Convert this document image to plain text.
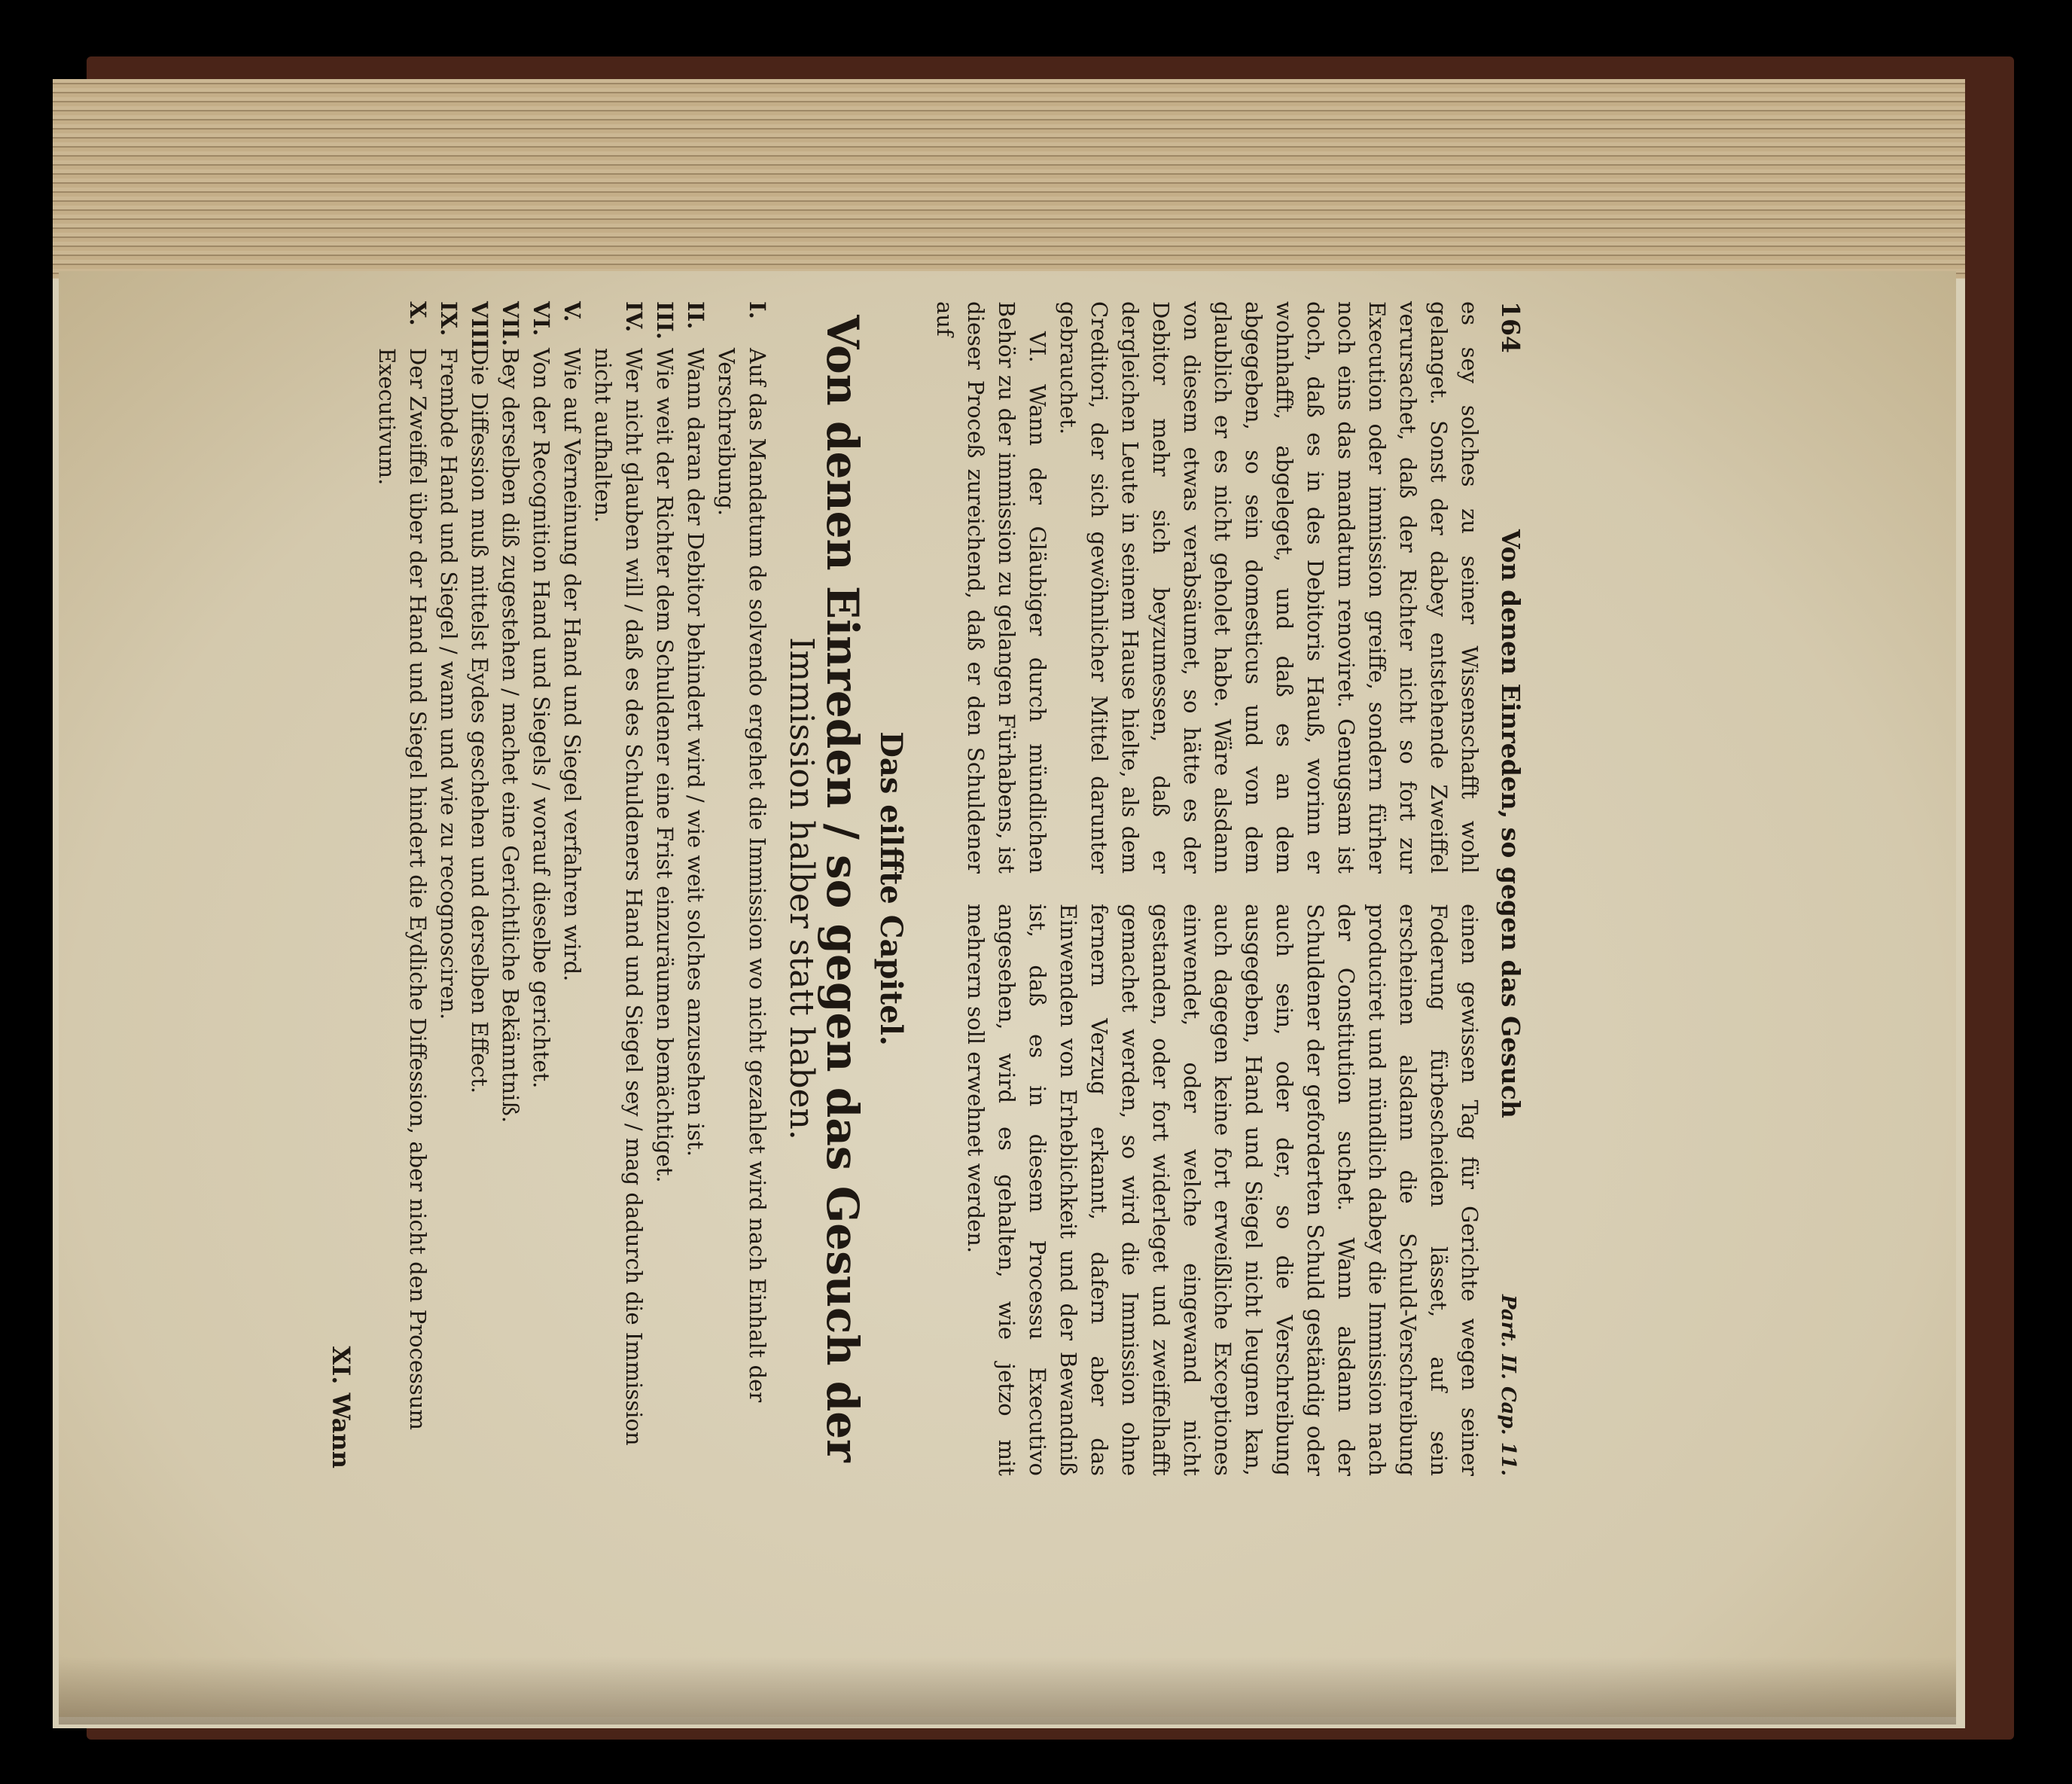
164
Von denen Einreden, so gegen das Gesuch
Part. II. Cap. 11.

es sey solches zu seiner Wissenschafft wohl gelanget. Sonst der dabey entstehende Zweiffel verursachet, daß der Richter nicht so fort zur Execution oder immission greiffe, sondern fürher noch eins das mandatum renoviret. Genugsam ist doch, daß es in des Debitoris Hauß, worinn er wohnhafft, abgeleget, und daß es an dem abgegeben, so sein domesticus und von dem glaublich er es nicht geholet habe. Wäre alsdann von diesem etwas verabsäumet, so hätte es der Debitor mehr sich beyzumessen, daß er dergleichen Leute in seinem Hause hielte, als dem Creditori, der sich gewöhnlicher Mittel darunter gebrauchet.

VI. Wann der Gläubiger durch mündlichen Behör zu der immission zu gelangen Fürhabens, ist dieser Proceß zureichend, daß er den Schuldener auf

einen gewissen Tag für Gerichte wegen seiner Foderung fürbescheiden lässet, auf sein erscheinen alsdann die Schuld-Verschreibung produciret und mündlich dabey die Immission nach der Constitution suchet. Wann alsdann der Schuldener der geforderten Schuld geständig oder auch sein, oder der, so die Verschreibung ausgegeben, Hand und Siegel nicht leugnen kan, auch dagegen keine fort erweißliche Exceptiones einwendet, oder welche eingewand nicht gestanden, oder fort widerleget und zweiffelhafft gemachet werden, so wird die Immission ohne fernern Verzug erkannt, dafern aber das Einwenden von Erheblichkeit und der Bewandniß ist, daß es in diesem Processu Executivo angesehen, wird es gehalten, wie jetzo mit mehrern soll erwehnet werden.

Das eilffte Capitel.
Von denen Einreden / so gegen das Gesuch der
Immission halber statt haben.
I.
Auf das Mandatum de solvendo ergehet die Immission wo nicht gezahlet wird nach Einhalt der Verschreibung.
II.
Wann daran der Debitor behindert wird / wie weit solches anzusehen ist.
III.
Wie weit der Richter dem Schuldener eine Frist einzuräumen bemächtiget.
IV.
Wer nicht glauben will / daß es des Schuldeners Hand und Siegel sey / mag dadurch die Immission nicht aufhalten.
V.
Wie auf Verneinung der Hand und Siegel verfahren wird.
VI.
Von der Recognition Hand und Siegels / worauf dieselbe gerichtet.
VII.
Bey derselben diß zugestehen / machet eine Gerichtliche Bekänntniß.
VIII.
Die Diffession muß mittelst Eydes geschehen und derselben Effect.
IX.
Frembde Hand und Siegel / wann und wie zu recognosciren.
X.
Der Zweiffel über der Hand und Siegel hindert die Eydliche Diffession, aber nicht den Processum Executivum.
XI. Wann
